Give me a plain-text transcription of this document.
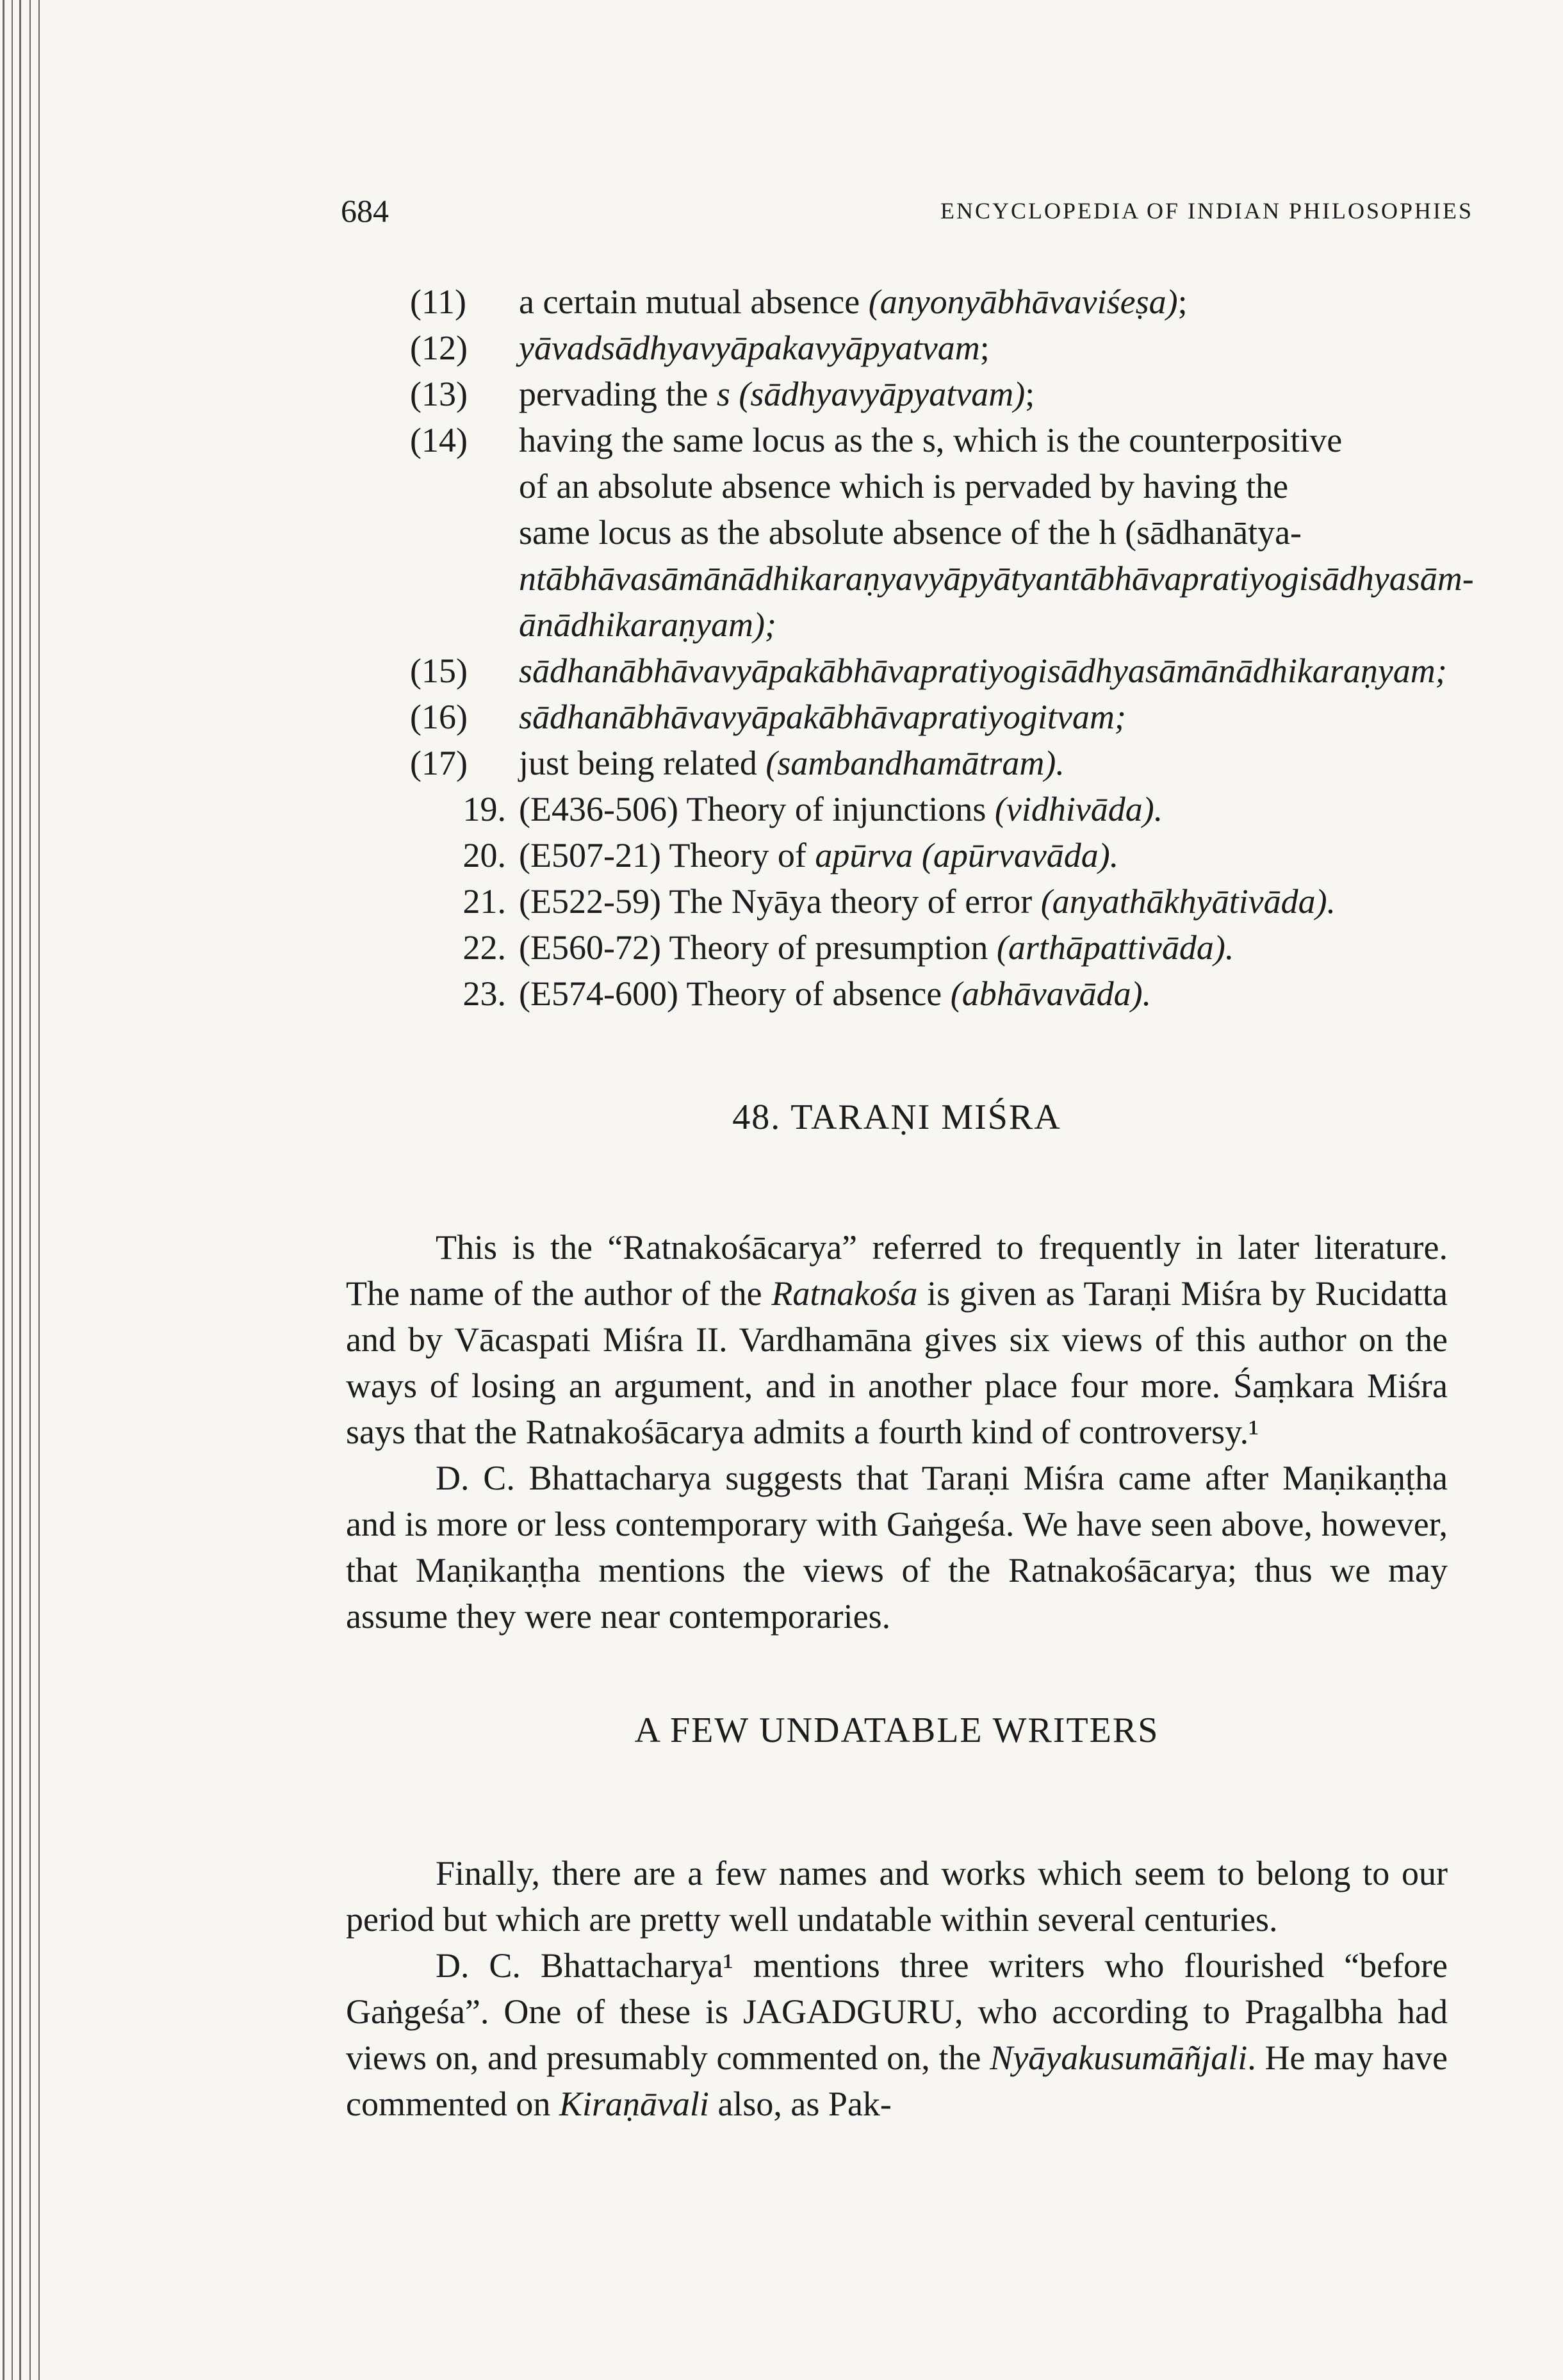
684	ENCYCLOPEDIA OF INDIAN PHILOSOPHIES
(11)	a certain mutual absence (anyonyābhāvaviśeṣa);
(12)	yāvadsādhyavyāpakavyāpyatvam;
(13)	pervading the s (sādhyavyāpyatvam);
(14)	having the same locus as the s, which is the counterpositive
of an absolute absence which is pervaded by having the
same locus as the absolute absence of the h (sādhanātya-
ntābhāvasāmānādhikaraṇyavyāpyātyantābhāvapratiyogisādhyasām-
ānādhikaraṇyam);
(15)	sādhanābhāvavyāpakābhāvapratiyogisādhyasāmānādhikaraṇyam;
(16)	sādhanābhāvavyāpakābhāvapratiyogitvam;
(17)	just being related (sambandhamātram).
19. (E436-506) Theory of injunctions (vidhivāda).
20. (E507-21) Theory of apūrva (apūrvavāda).
21. (E522-59) The Nyāya theory of error (anyathākhyātivāda).
22. (E560-72) Theory of presumption (arthāpattivāda).
23. (E574-600) Theory of absence (abhāvavāda).
48. TARAṆI MIŚRA

This is the “Ratnakośācarya” referred to frequently in later literature. The name of the author of the Ratnakośa is given as Taraṇi Miśra by Rucidatta and by Vācaspati Miśra II. Vardhamāna gives six views of this author on the ways of losing an argument, and in another place four more. Śaṃkara Miśra says that the Ratnakośācarya admits a fourth kind of controversy.¹

D. C. Bhattacharya suggests that Taraṇi Miśra came after Maṇikaṇṭha and is more or less contemporary with Gaṅgeśa. We have seen above, however, that Maṇikaṇṭha mentions the views of the Ratnakośācarya; thus we may assume they were near contemporaries.

A FEW UNDATABLE WRITERS

Finally, there are a few names and works which seem to belong to our period but which are pretty well undatable within several centuries.

D. C. Bhattacharya¹ mentions three writers who flourished “before Gaṅgeśa”. One of these is JAGADGURU, who according to Pragalbha had views on, and presumably commented on, the Nyāyakusumāñjali. He may have commented on Kiraṇāvali also, as Pak-
